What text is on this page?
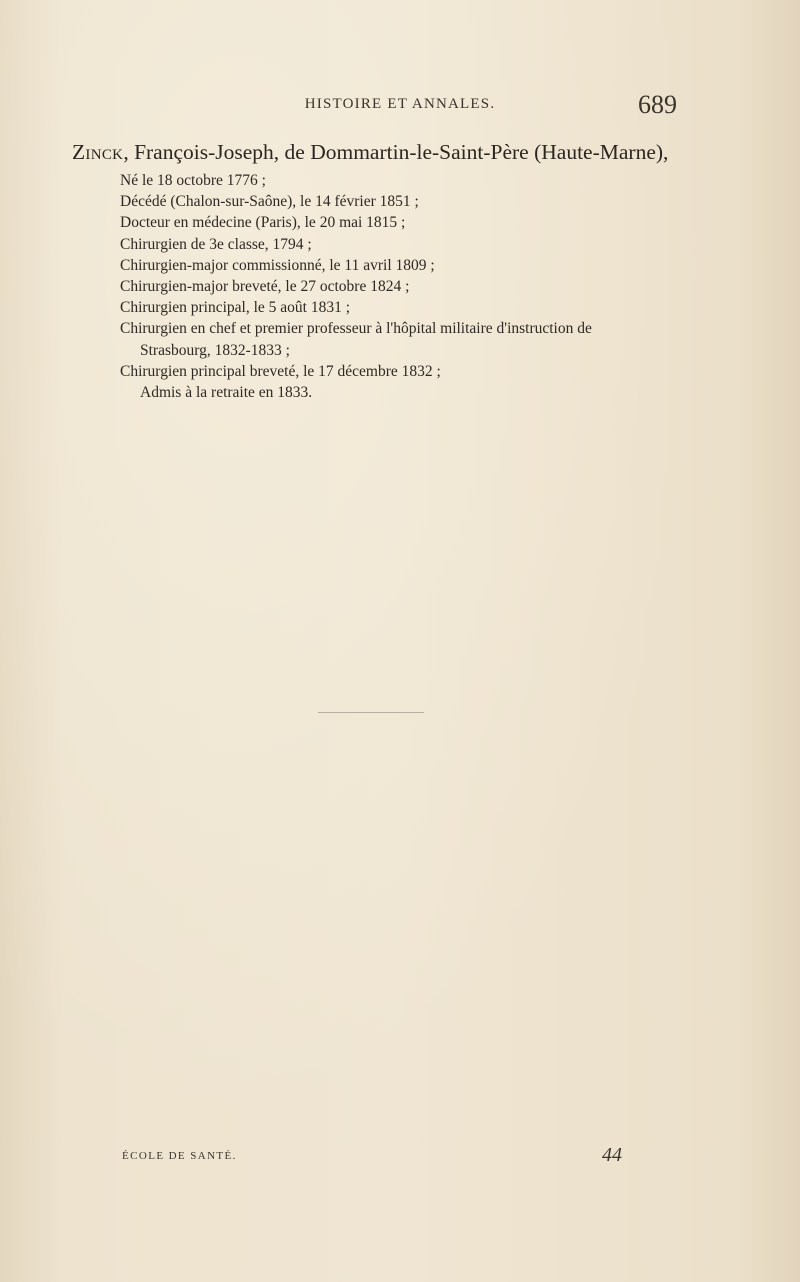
HISTOIRE ET ANNALES.	689
Zinck, François-Joseph, de Dommartin-le-Saint-Père (Haute-Marne),
Né le 18 octobre 1776 ;
Décédé (Chalon-sur-Saône), le 14 février 1851 ;
Docteur en médecine (Paris), le 20 mai 1815 ;
Chirurgien de 3e classe, 1794 ;
Chirurgien-major commissionné, le 11 avril 1809 ;
Chirurgien-major breveté, le 27 octobre 1824 ;
Chirurgien principal, le 5 août 1831 ;
Chirurgien en chef et premier professeur à l'hôpital militaire d'instruction de
Strasbourg, 1832-1833 ;
Chirurgien principal breveté, le 17 décembre 1832 ;
Admis à la retraite en 1833.
ÉCOLE DE SANTÉ.	44
